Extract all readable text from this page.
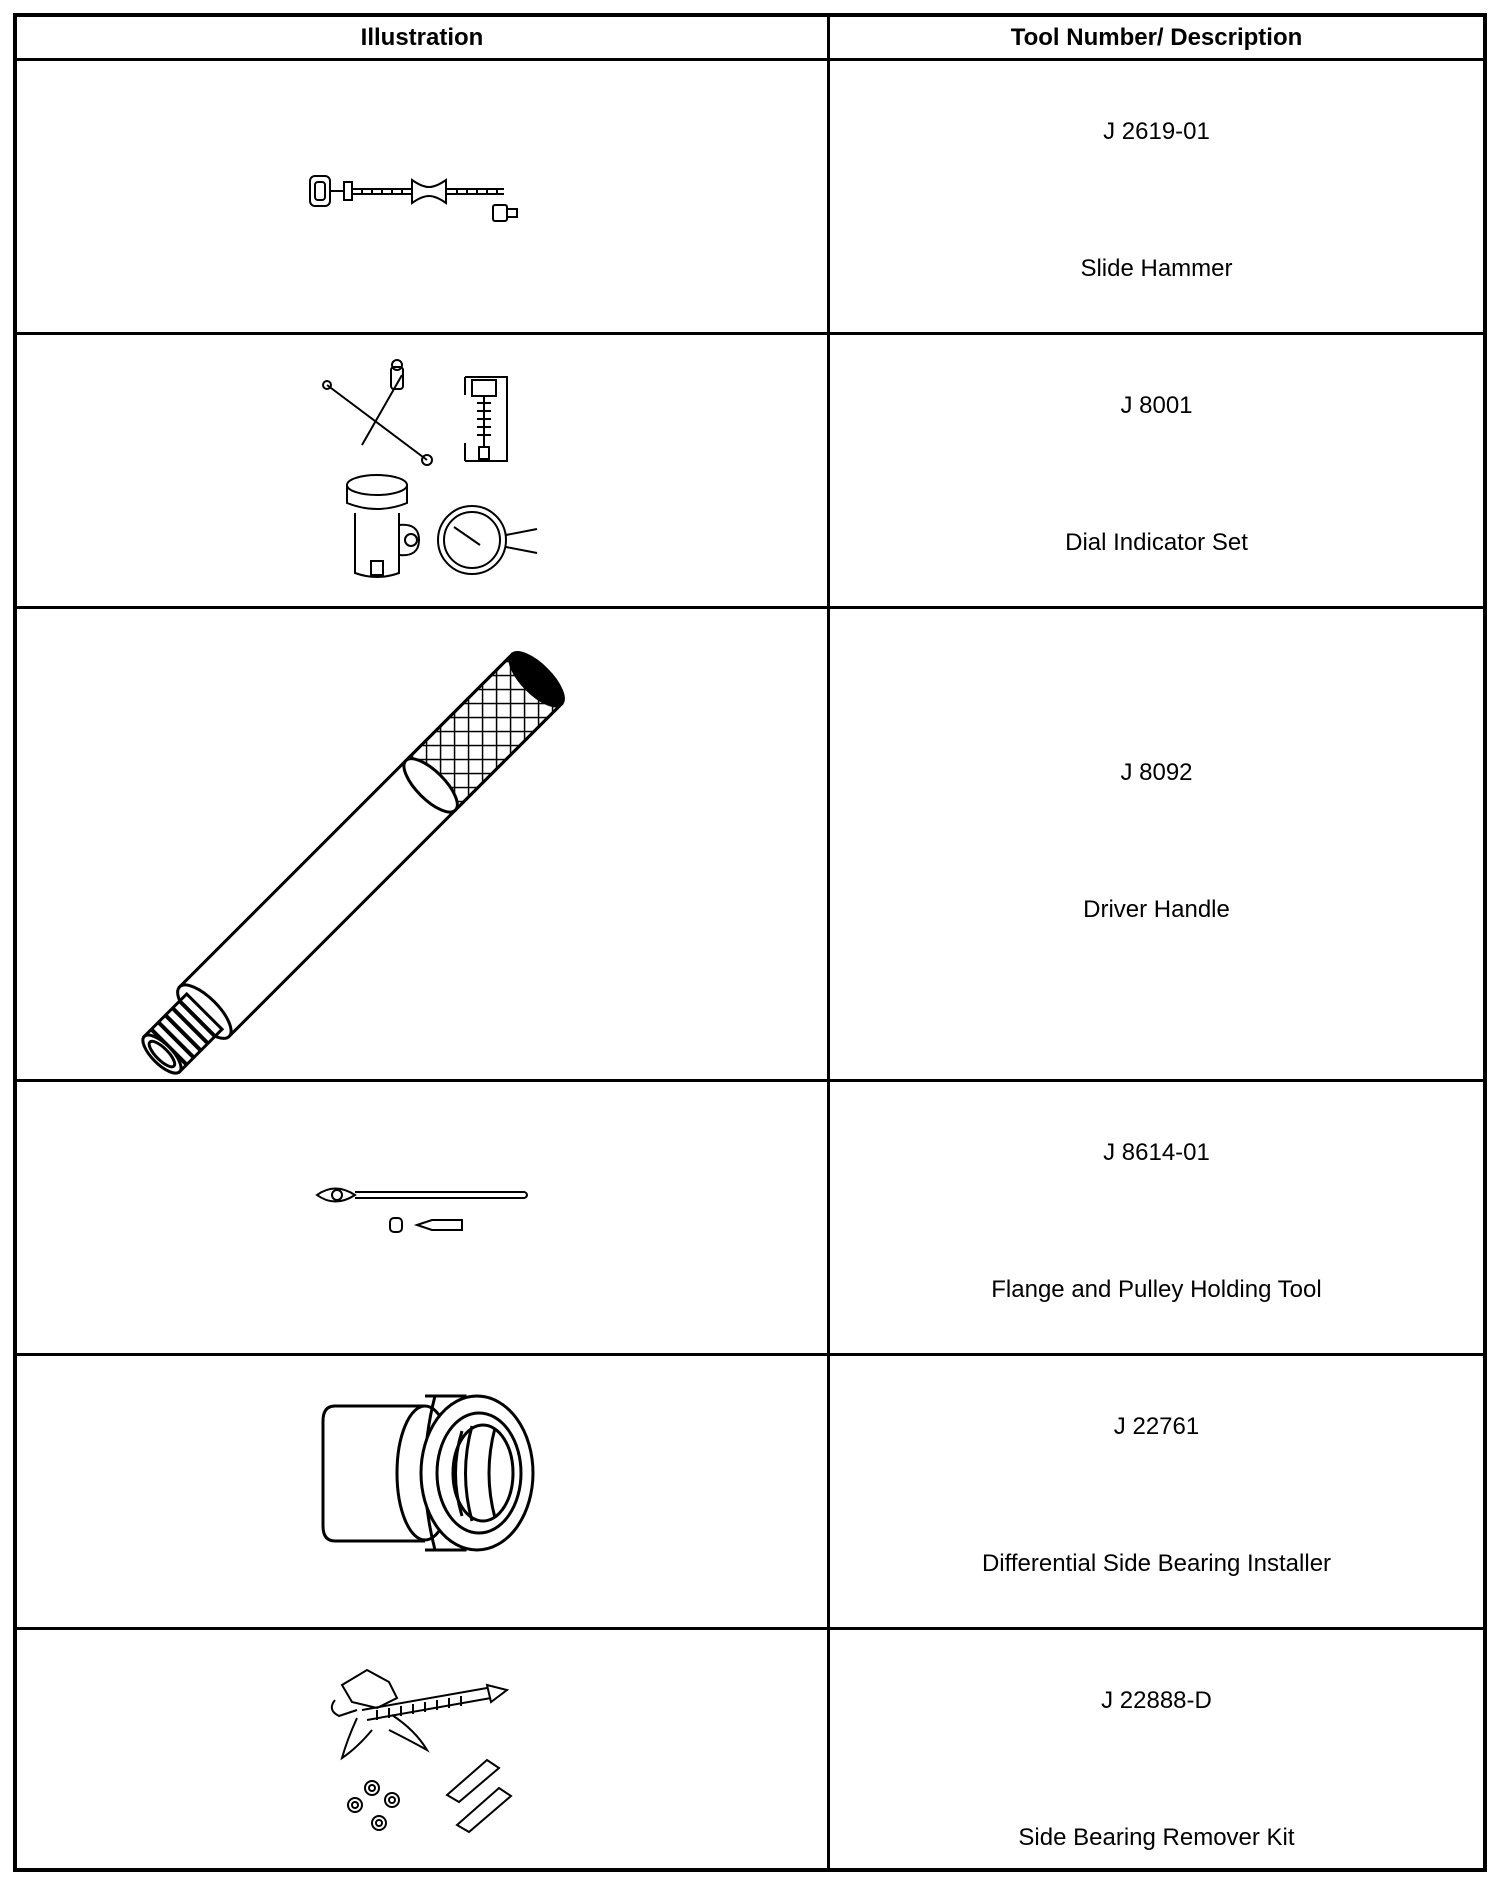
Illustration	Tool Number/ Description
J 2619-01
Slide Hammer
J 8001
Dial Indicator Set
J 8092
Driver Handle
J 8614-01
Flange and Pulley Holding Tool
J 22761
Differential Side Bearing Installer
J 22888-D
Side Bearing Remover Kit
